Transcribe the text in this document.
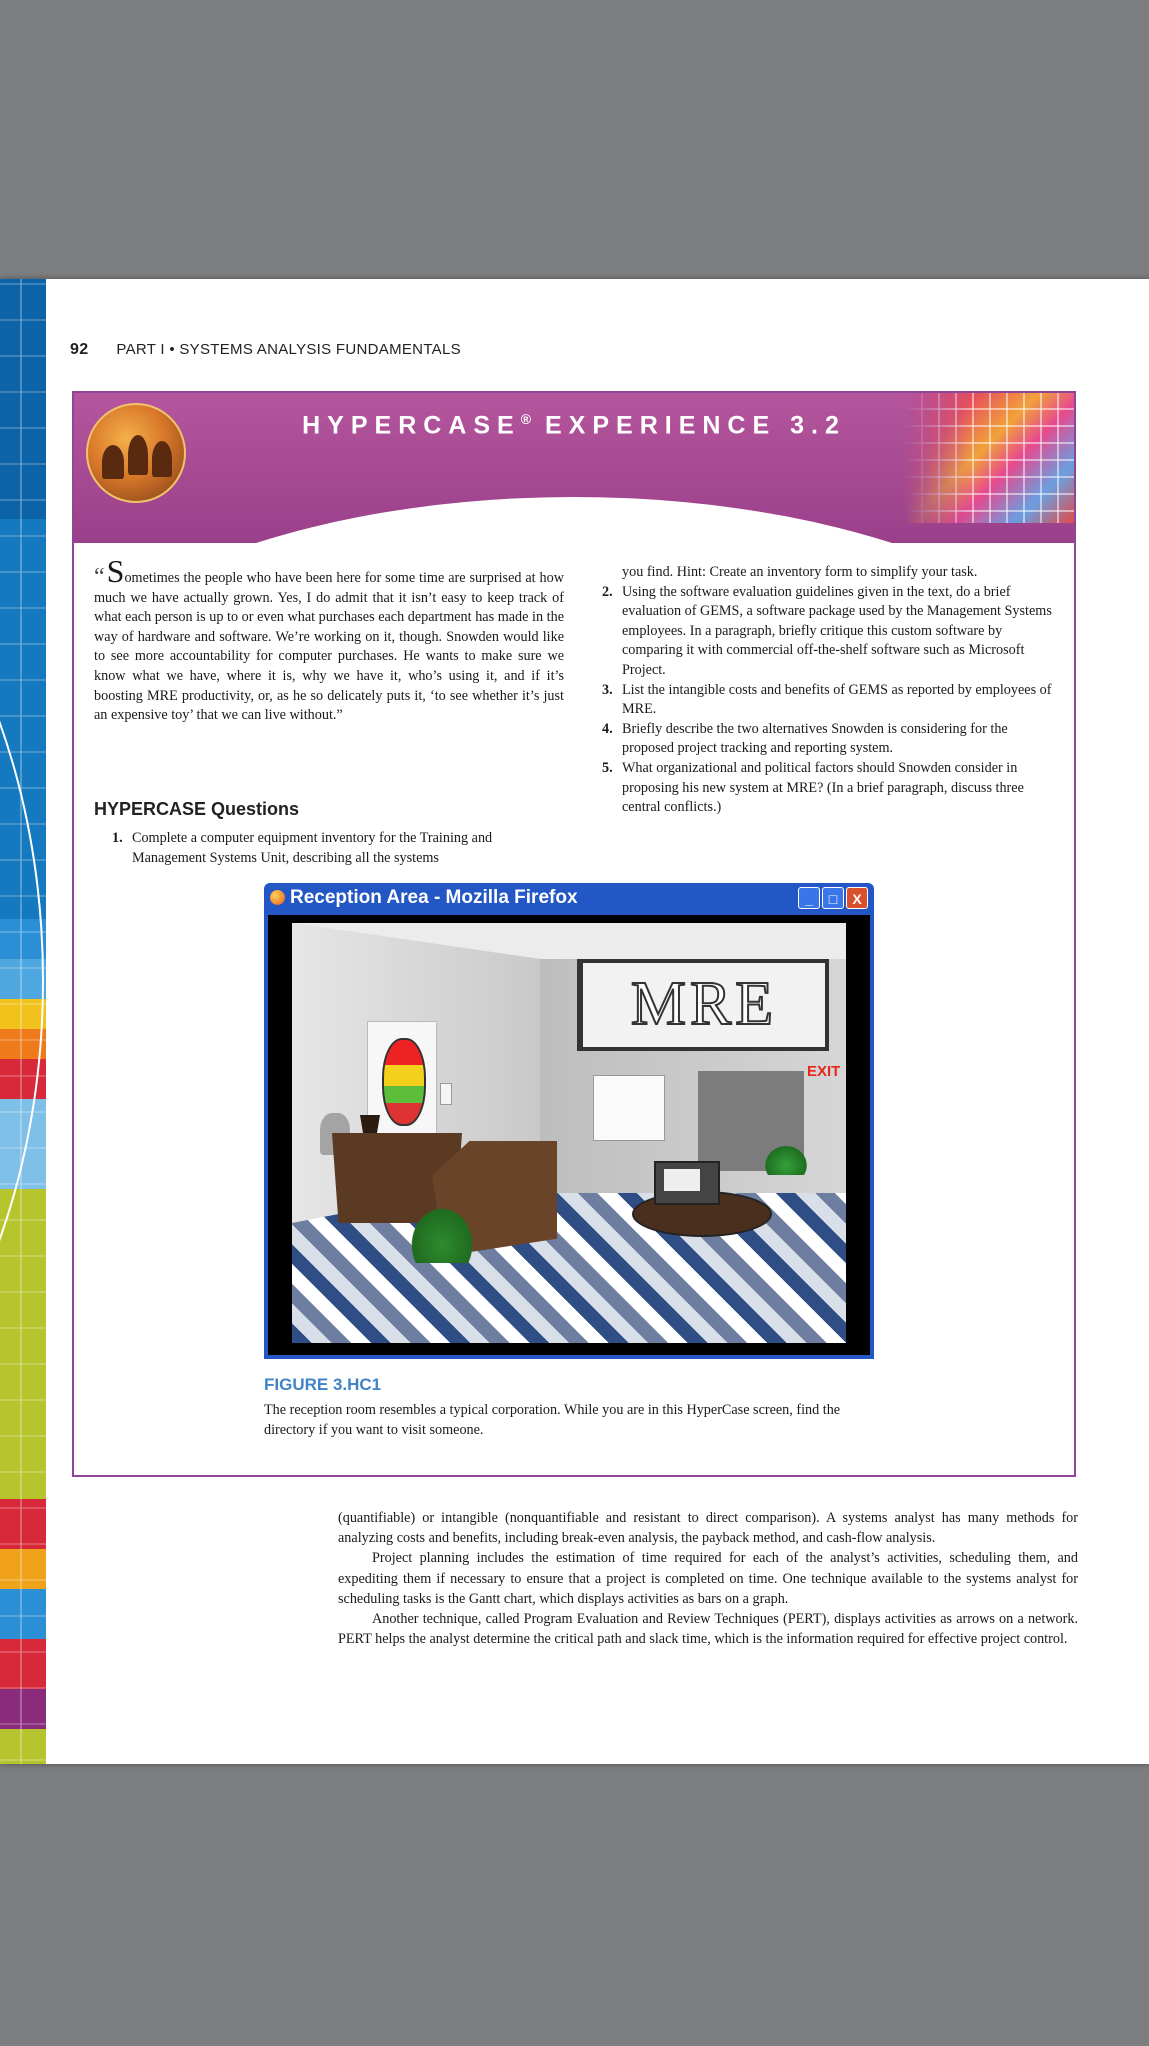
92 PART I • SYSTEMS ANALYSIS FUNDAMENTALS
HYPERCASE® EXPERIENCE 3.2
“Sometimes the people who have been here for some time are surprised at how much we have actually grown. Yes, I do admit that it isn’t easy to keep track of what each person is up to or even what purchases each department has made in the way of hardware and software. We’re working on it, though. Snowden would like to see more accountability for computer purchases. He wants to make sure we know what we have, where it is, why we have it, who’s using it, and if it’s boosting MRE productivity, or, as he so delicately puts it, ‘to see whether it’s just an expensive toy’ that we can live without.”
HYPERCASE Questions
1. Complete a computer equipment inventory for the Training and Management Systems Unit, describing all the systems
you find. Hint: Create an inventory form to simplify your task.
2. Using the software evaluation guidelines given in the text, do a brief evaluation of GEMS, a software package used by the Management Systems employees. In a paragraph, briefly critique this custom software by comparing it with commercial off-the-shelf software such as Microsoft Project.
3. List the intangible costs and benefits of GEMS as reported by employees of MRE.
4. Briefly describe the two alternatives Snowden is considering for the proposed project tracking and reporting system.
5. What organizational and political factors should Snowden consider in proposing his new system at MRE? (In a brief paragraph, discuss three central conflicts.)
Reception Area - Mozilla Firefox	_	□	X
MRE
EXIT
FIGURE 3.HC1
The reception room resembles a typical corporation. While you are in this HyperCase screen, find the directory if you want to visit someone.

(quantifiable) or intangible (nonquantifiable and resistant to direct comparison). A systems analyst has many methods for analyzing costs and benefits, including break-even analysis, the payback method, and cash-flow analysis.

Project planning includes the estimation of time required for each of the analyst’s activities, scheduling them, and expediting them if necessary to ensure that a project is completed on time. One technique available to the systems analyst for scheduling tasks is the Gantt chart, which displays activities as bars on a graph.

Another technique, called Program Evaluation and Review Techniques (PERT), displays activities as arrows on a network. PERT helps the analyst determine the critical path and slack time, which is the information required for effective project control.
